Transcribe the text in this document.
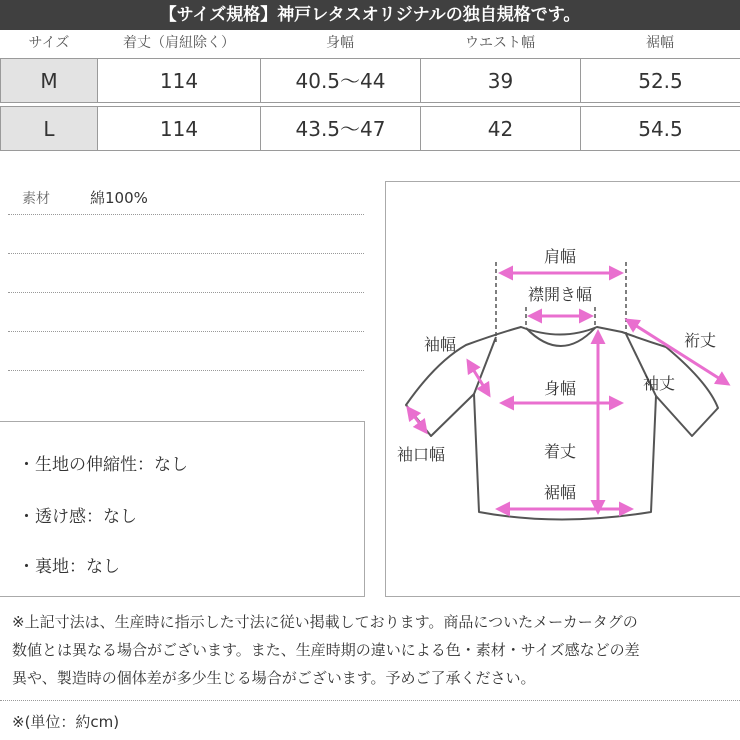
【サイズ規格】神戸レタスオリジナルの独自規格です。
サイズ	着丈（肩紐除く）	身幅	ウエスト幅	裾幅
M	114	40.5～44	39	52.5
L	114	43.5～47	42	54.5
素材	綿100%
・生地の伸縮性：なし
・透け感：なし
・裏地：なし
肩幅
襟開き幅
裄丈
袖幅
身幅	袖丈
袖口幅	着丈
裾幅
※上記寸法は、生産時に指示した寸法に従い掲載しております。商品についたメーカータグの
数値とは異なる場合がございます。また、生産時期の違いによる色・素材・サイズ感などの差
異や、製造時の個体差が多少生じる場合がございます。予めご了承ください。
※(単位：約cm)
